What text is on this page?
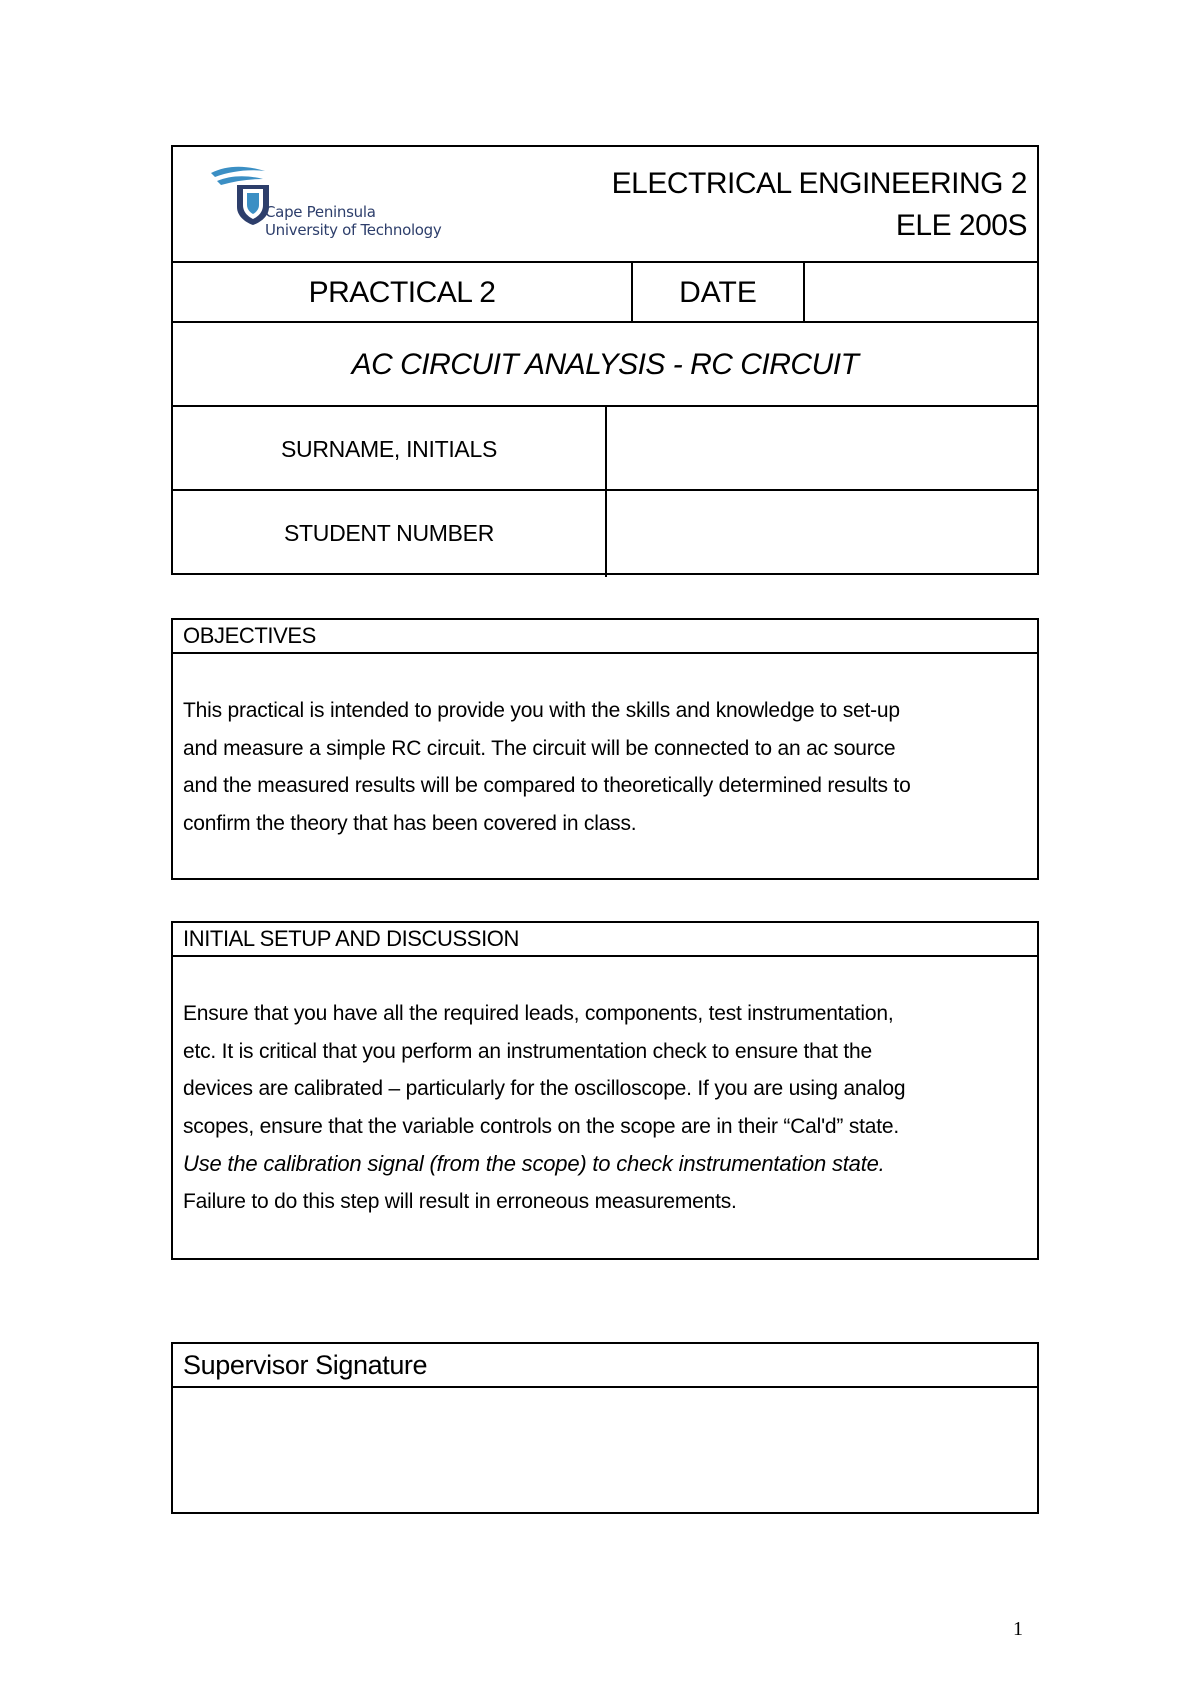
Cape Peninsula
University of Technology
ELECTRICAL ENGINEERING 2
ELE 200S
PRACTICAL 2	DATE
AC CIRCUIT ANALYSIS - RC CIRCUIT
SURNAME, INITIALS
STUDENT NUMBER
OBJECTIVES
This practical is intended to provide you with the skills and knowledge to set-up
and measure a simple RC circuit. The circuit will be connected to an ac source
and the measured results will be compared to theoretically determined results to
confirm the theory that has been covered in class.
INITIAL SETUP AND DISCUSSION
Ensure that you have all the required leads, components, test instrumentation,
etc. It is critical that you perform an instrumentation check to ensure that the
devices are calibrated – particularly for the oscilloscope. If you are using analog
scopes, ensure that the variable controls on the scope are in their “Cal'd” state.
Use the calibration signal (from the scope) to check instrumentation state.
Failure to do this step will result in erroneous measurements.
Supervisor Signature
1
